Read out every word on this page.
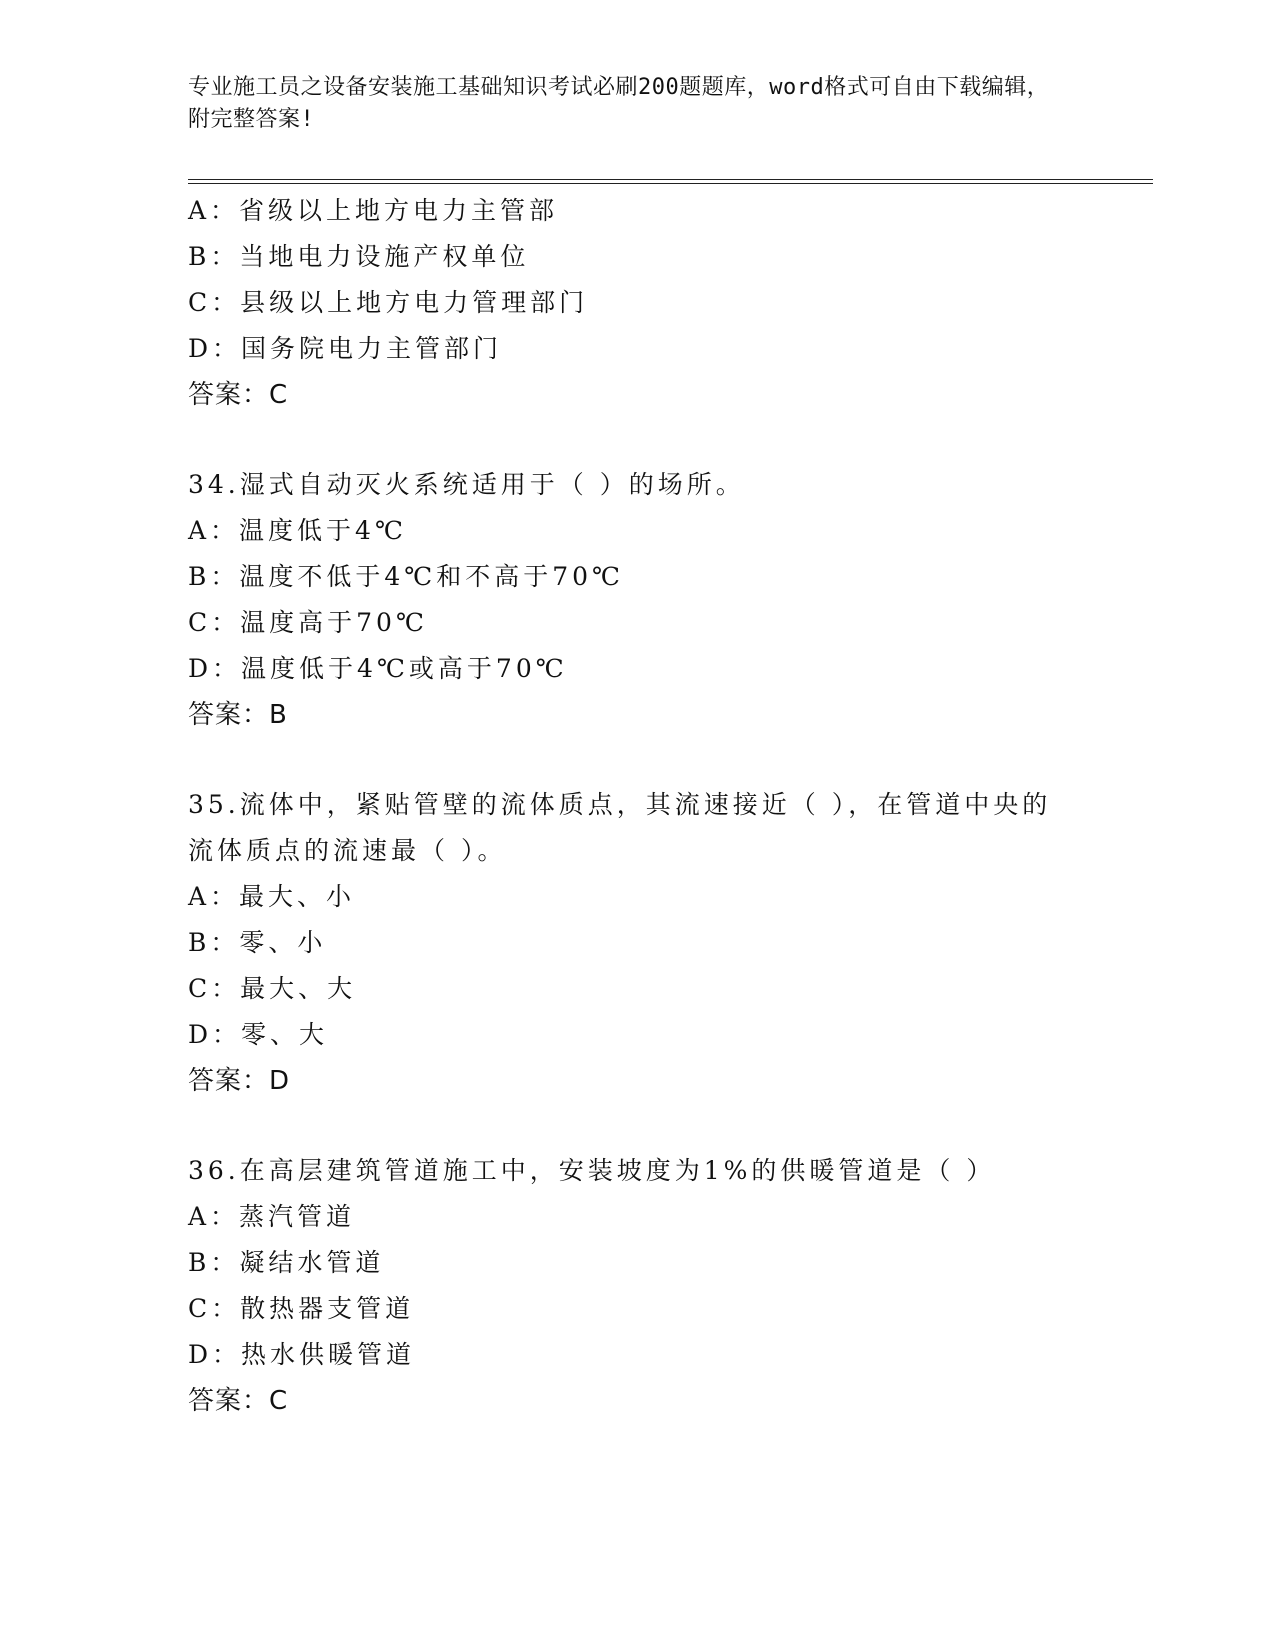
专业施工员之设备安装施工基础知识考试必刷200题题库，word格式可自由下载编辑，附完整答案!
A：省级以上地方电力主管部
B：当地电力设施产权单位
C：县级以上地方电力管理部门
D：国务院电力主管部门
答案：C
34.湿式自动灭火系统适用于（ ）的场所。
A：温度低于4℃
B：温度不低于4℃和不高于70℃
C：温度高于70℃
D：温度低于4℃或高于70℃
答案：B
35.流体中，紧贴管壁的流体质点，其流速接近（ ），在管道中央的流体质点的流速最（ ）。
A：最大、小
B：零、小
C：最大、大
D：零、大
答案：D
36.在高层建筑管道施工中，安装坡度为1%的供暖管道是（ ）
A：蒸汽管道
B：凝结水管道
C：散热器支管道
D：热水供暖管道
答案：C
